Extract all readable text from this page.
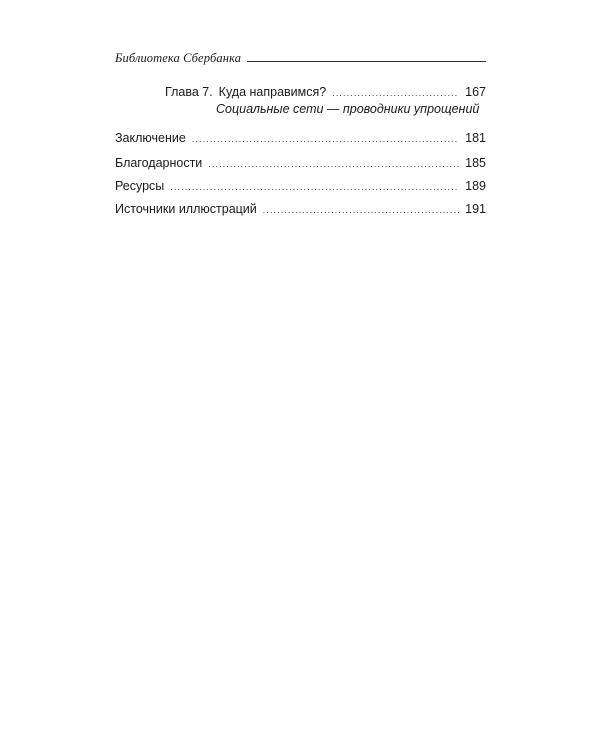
Библиотека Сбербанка
Глава 7. Куда направимся? .....	167
Социальные сети — проводники упрощений
Заключение .....	181
Благодарности .....	185
Ресурсы .....	189
Источники иллюстраций .....	191
